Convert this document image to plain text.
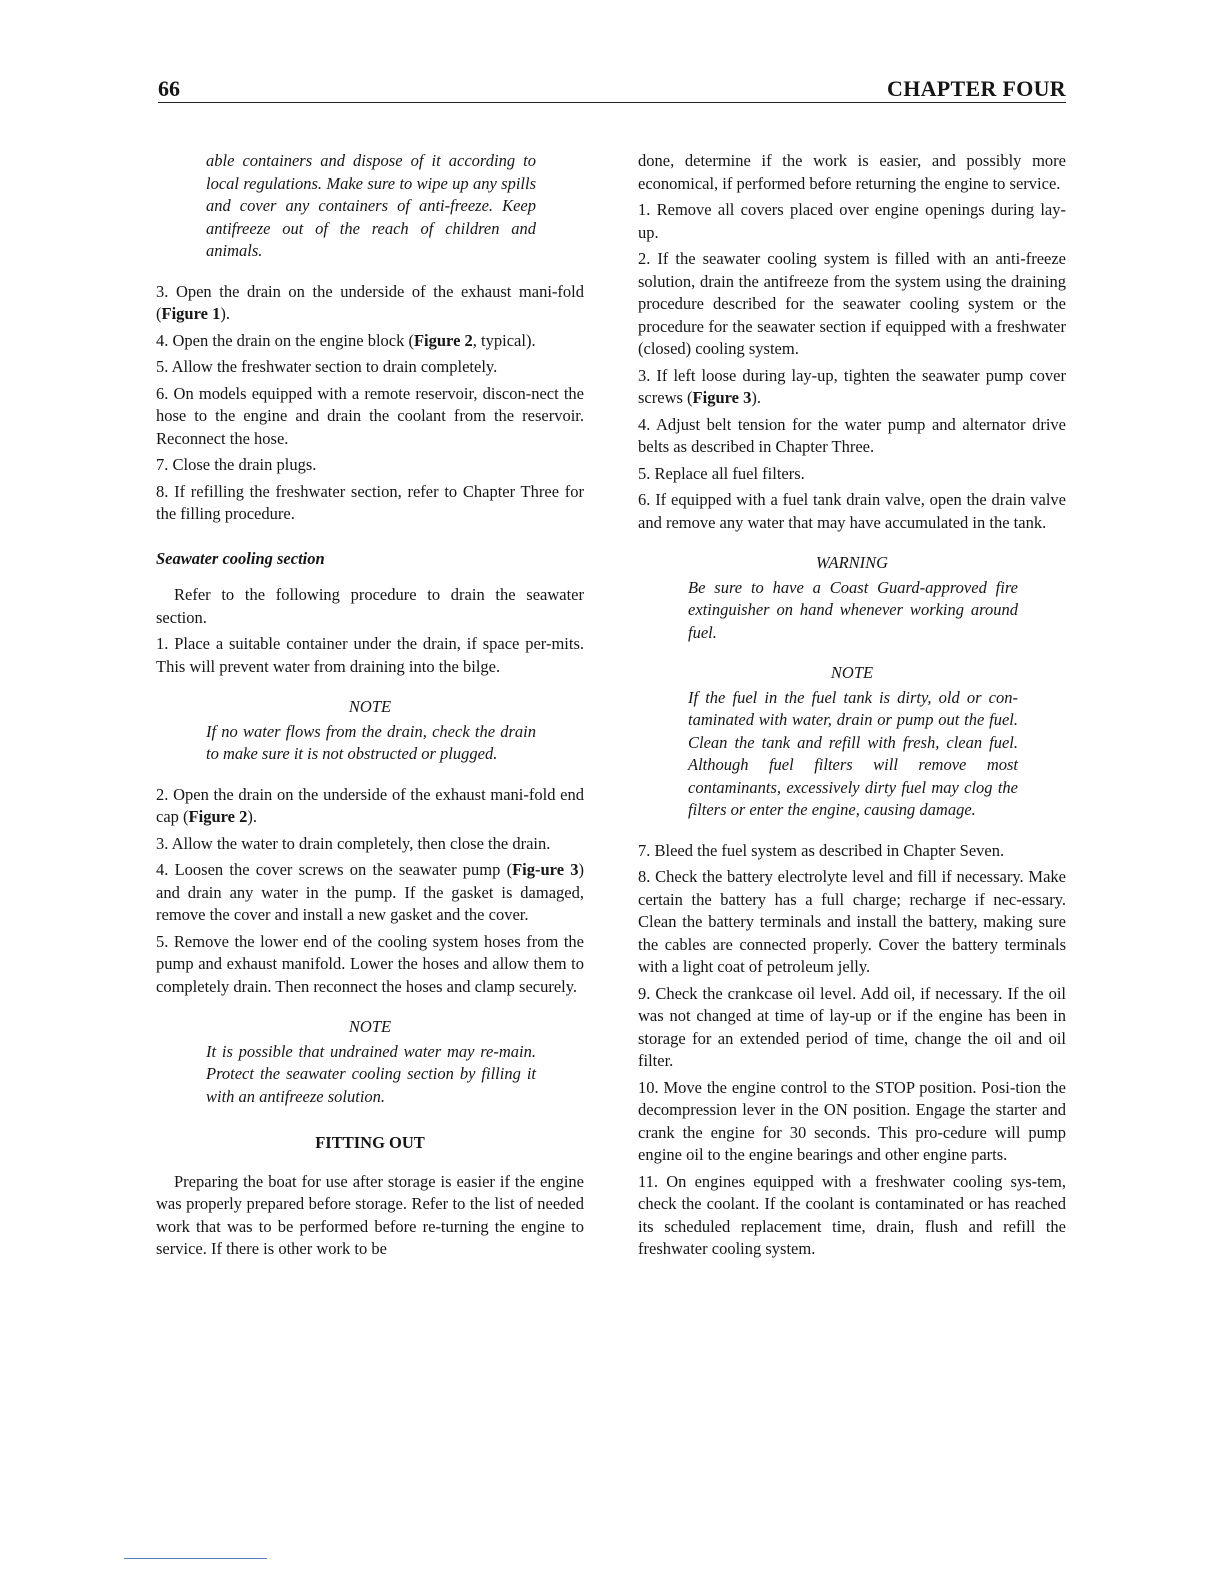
66	CHAPTER FOUR

able containers and dispose of it according to local regulations. Make sure to wipe up any spills and cover any containers of anti-freeze. Keep antifreeze out of the reach of children and animals.

3. Open the drain on the underside of the exhaust mani-fold (Figure 1).

4. Open the drain on the engine block (Figure 2, typical).

5. Allow the freshwater section to drain completely.

6. On models equipped with a remote reservoir, discon-nect the hose to the engine and drain the coolant from the reservoir. Reconnect the hose.

7. Close the drain plugs.

8. If refilling the freshwater section, refer to Chapter Three for the filling procedure.

Seawater cooling section

Refer to the following procedure to drain the seawater section.

1. Place a suitable container under the drain, if space per-mits. This will prevent water from draining into the bilge.

NOTE

If no water flows from the drain, check the drain to make sure it is not obstructed or plugged.

2. Open the drain on the underside of the exhaust mani-fold end cap (Figure 2).

3. Allow the water to drain completely, then close the drain.

4. Loosen the cover screws on the seawater pump (Fig-ure 3) and drain any water in the pump. If the gasket is damaged, remove the cover and install a new gasket and the cover.

5. Remove the lower end of the cooling system hoses from the pump and exhaust manifold. Lower the hoses and allow them to completely drain. Then reconnect the hoses and clamp securely.

NOTE

It is possible that undrained water may re-main. Protect the seawater cooling section by filling it with an antifreeze solution.

FITTING OUT

Preparing the boat for use after storage is easier if the engine was properly prepared before storage. Refer to the list of needed work that was to be performed before re-turning the engine to service. If there is other work to be

done, determine if the work is easier, and possibly more economical, if performed before returning the engine to service.

1. Remove all covers placed over engine openings during lay-up.

2. If the seawater cooling system is filled with an anti-freeze solution, drain the antifreeze from the system using the draining procedure described for the seawater cooling system or the procedure for the seawater section if equipped with a freshwater (closed) cooling system.

3. If left loose during lay-up, tighten the seawater pump cover screws (Figure 3).

4. Adjust belt tension for the water pump and alternator drive belts as described in Chapter Three.

5. Replace all fuel filters.

6. If equipped with a fuel tank drain valve, open the drain valve and remove any water that may have accumulated in the tank.

WARNING

Be sure to have a Coast Guard-approved fire extinguisher on hand whenever working around fuel.

NOTE

If the fuel in the fuel tank is dirty, old or con-taminated with water, drain or pump out the fuel. Clean the tank and refill with fresh, clean fuel. Although fuel filters will remove most contaminants, excessively dirty fuel may clog the filters or enter the engine, causing damage.

7. Bleed the fuel system as described in Chapter Seven.

8. Check the battery electrolyte level and fill if necessary. Make certain the battery has a full charge; recharge if nec-essary. Clean the battery terminals and install the battery, making sure the cables are connected properly. Cover the battery terminals with a light coat of petroleum jelly.

9. Check the crankcase oil level. Add oil, if necessary. If the oil was not changed at time of lay-up or if the engine has been in storage for an extended period of time, change the oil and oil filter.

10. Move the engine control to the STOP position. Posi-tion the decompression lever in the ON position. Engage the starter and crank the engine for 30 seconds. This pro-cedure will pump engine oil to the engine bearings and other engine parts.

11. On engines equipped with a freshwater cooling sys-tem, check the coolant. If the coolant is contaminated or has reached its scheduled replacement time, drain, flush and refill the freshwater cooling system.
